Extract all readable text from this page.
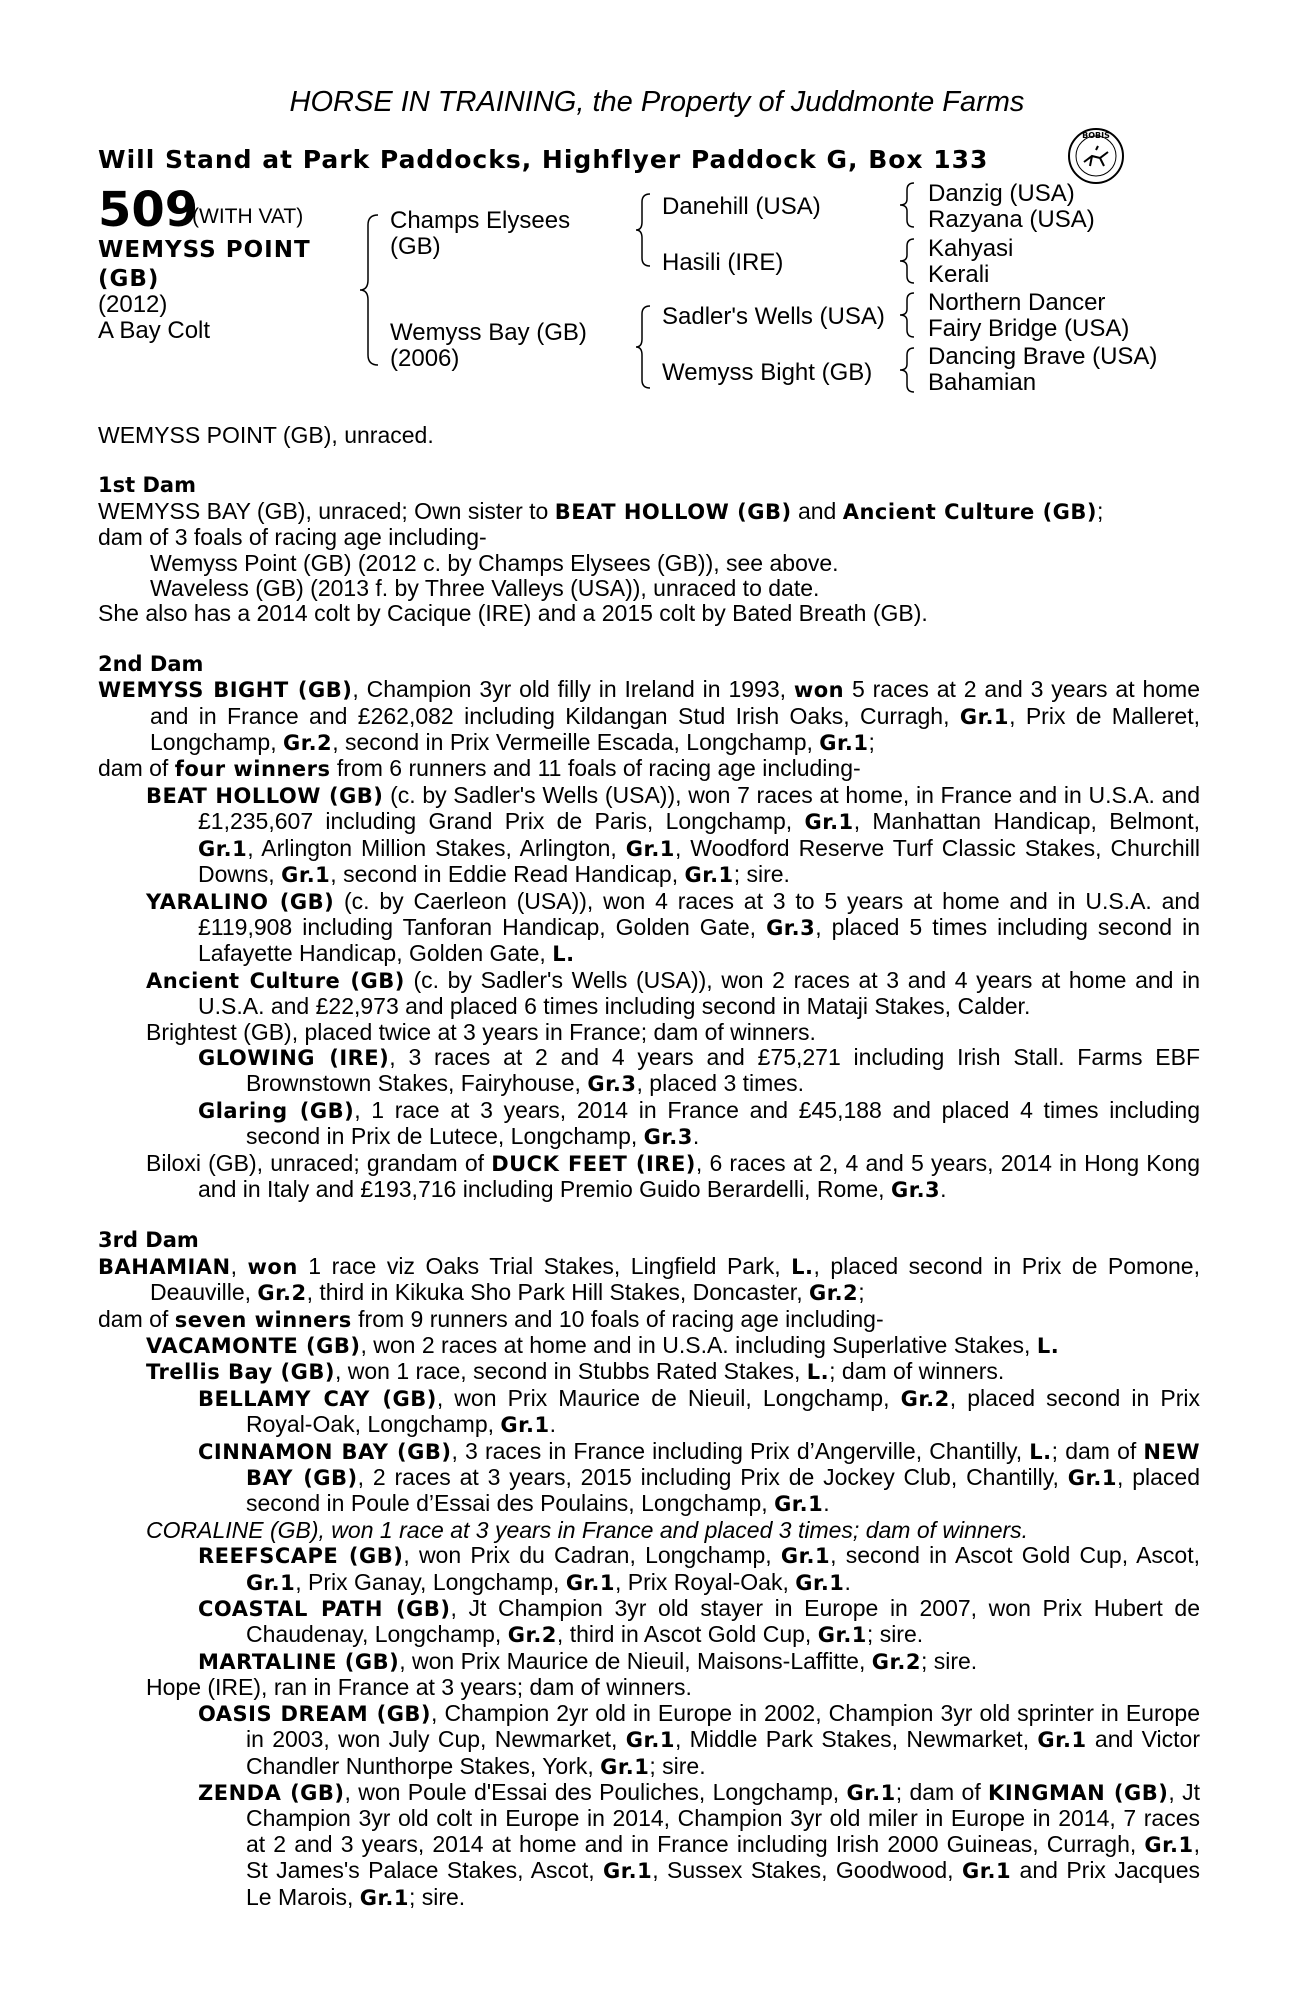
HORSE IN TRAINING, the Property of Juddmonte Farms
Will Stand at Park Paddocks, Highflyer Paddock G, Box 133
BOBIS
509
(WITH VAT)
WEMYSS POINT
(GB)
(2012)
A Bay Colt
Champs Elysees
(GB)
Wemyss Bay (GB)
(2006)
Danehill (USA)
Hasili (IRE)
Sadler's Wells (USA)
Wemyss Bight (GB)
Danzig (USA)
Razyana (USA)
Kahyasi
Kerali
Northern Dancer
Fairy Bridge (USA)
Dancing Brave (USA)
Bahamian

WEMYSS POINT (GB), unraced.

1st Dam

WEMYSS BAY (GB), unraced; Own sister to BEAT HOLLOW (GB) and Ancient Culture (GB);

dam of 3 foals of racing age including-

Wemyss Point (GB) (2012 c. by Champs Elysees (GB)), see above.

Waveless (GB) (2013 f. by Three Valleys (USA)), unraced to date.

She also has a 2014 colt by Cacique (IRE) and a 2015 colt by Bated Breath (GB).

2nd Dam

WEMYSS BIGHT (GB), Champion 3yr old filly in Ireland in 1993, won 5 races at 2 and 3 years at home and in France and £262,082 including Kildangan Stud Irish Oaks, Curragh, Gr.1, Prix de Malleret, Longchamp, Gr.2, second in Prix Vermeille Escada, Longchamp, Gr.1;

dam of four winners from 6 runners and 11 foals of racing age including-

BEAT HOLLOW (GB) (c. by Sadler's Wells (USA)), won 7 races at home, in France and in U.S.A. and £1,235,607 including Grand Prix de Paris, Longchamp, Gr.1, Manhattan Handicap, Belmont, Gr.1, Arlington Million Stakes, Arlington, Gr.1, Woodford Reserve Turf Classic Stakes, Churchill Downs, Gr.1, second in Eddie Read Handicap, Gr.1; sire.

YARALINO (GB) (c. by Caerleon (USA)), won 4 races at 3 to 5 years at home and in U.S.A. and £119,908 including Tanforan Handicap, Golden Gate, Gr.3, placed 5 times including second in Lafayette Handicap, Golden Gate, L.

Ancient Culture (GB) (c. by Sadler's Wells (USA)), won 2 races at 3 and 4 years at home and in U.S.A. and £22,973 and placed 6 times including second in Mataji Stakes, Calder.

Brightest (GB), placed twice at 3 years in France; dam of winners.

GLOWING (IRE), 3 races at 2 and 4 years and £75,271 including Irish Stall. Farms EBF Brownstown Stakes, Fairyhouse, Gr.3, placed 3 times.

Glaring (GB), 1 race at 3 years, 2014 in France and £45,188 and placed 4 times including second in Prix de Lutece, Longchamp, Gr.3.

Biloxi (GB), unraced; grandam of DUCK FEET (IRE), 6 races at 2, 4 and 5 years, 2014 in Hong Kong and in Italy and £193,716 including Premio Guido Berardelli, Rome, Gr.3.

3rd Dam

BAHAMIAN, won 1 race viz Oaks Trial Stakes, Lingfield Park, L., placed second in Prix de Pomone, Deauville, Gr.2, third in Kikuka Sho Park Hill Stakes, Doncaster, Gr.2;

dam of seven winners from 9 runners and 10 foals of racing age including-

VACAMONTE (GB), won 2 races at home and in U.S.A. including Superlative Stakes, L.

Trellis Bay (GB), won 1 race, second in Stubbs Rated Stakes, L.; dam of winners.

BELLAMY CAY (GB), won Prix Maurice de Nieuil, Longchamp, Gr.2, placed second in Prix Royal-Oak, Longchamp, Gr.1.

CINNAMON BAY (GB), 3 races in France including Prix d’Angerville, Chantilly, L.; dam of NEW BAY (GB), 2 races at 3 years, 2015 including Prix de Jockey Club, Chantilly, Gr.1, placed second in Poule d’Essai des Poulains, Longchamp, Gr.1.

CORALINE (GB), won 1 race at 3 years in France and placed 3 times; dam of winners.

REEFSCAPE (GB), won Prix du Cadran, Longchamp, Gr.1, second in Ascot Gold Cup, Ascot, Gr.1, Prix Ganay, Longchamp, Gr.1, Prix Royal-Oak, Gr.1.

COASTAL PATH (GB), Jt Champion 3yr old stayer in Europe in 2007, won Prix Hubert de Chaudenay, Longchamp, Gr.2, third in Ascot Gold Cup, Gr.1; sire.

MARTALINE (GB), won Prix Maurice de Nieuil, Maisons-Laffitte, Gr.2; sire.

Hope (IRE), ran in France at 3 years; dam of winners.

OASIS DREAM (GB), Champion 2yr old in Europe in 2002, Champion 3yr old sprinter in Europe in 2003, won July Cup, Newmarket, Gr.1, Middle Park Stakes, Newmarket, Gr.1 and Victor Chandler Nunthorpe Stakes, York, Gr.1; sire.

ZENDA (GB), won Poule d'Essai des Pouliches, Longchamp, Gr.1; dam of KINGMAN (GB), Jt Champion 3yr old colt in Europe in 2014, Champion 3yr old miler in Europe in 2014, 7 races at 2 and 3 years, 2014 at home and in France including Irish 2000 Guineas, Curragh, Gr.1, St James's Palace Stakes, Ascot, Gr.1, Sussex Stakes, Goodwood, Gr.1 and Prix Jacques Le Marois, Gr.1; sire.
